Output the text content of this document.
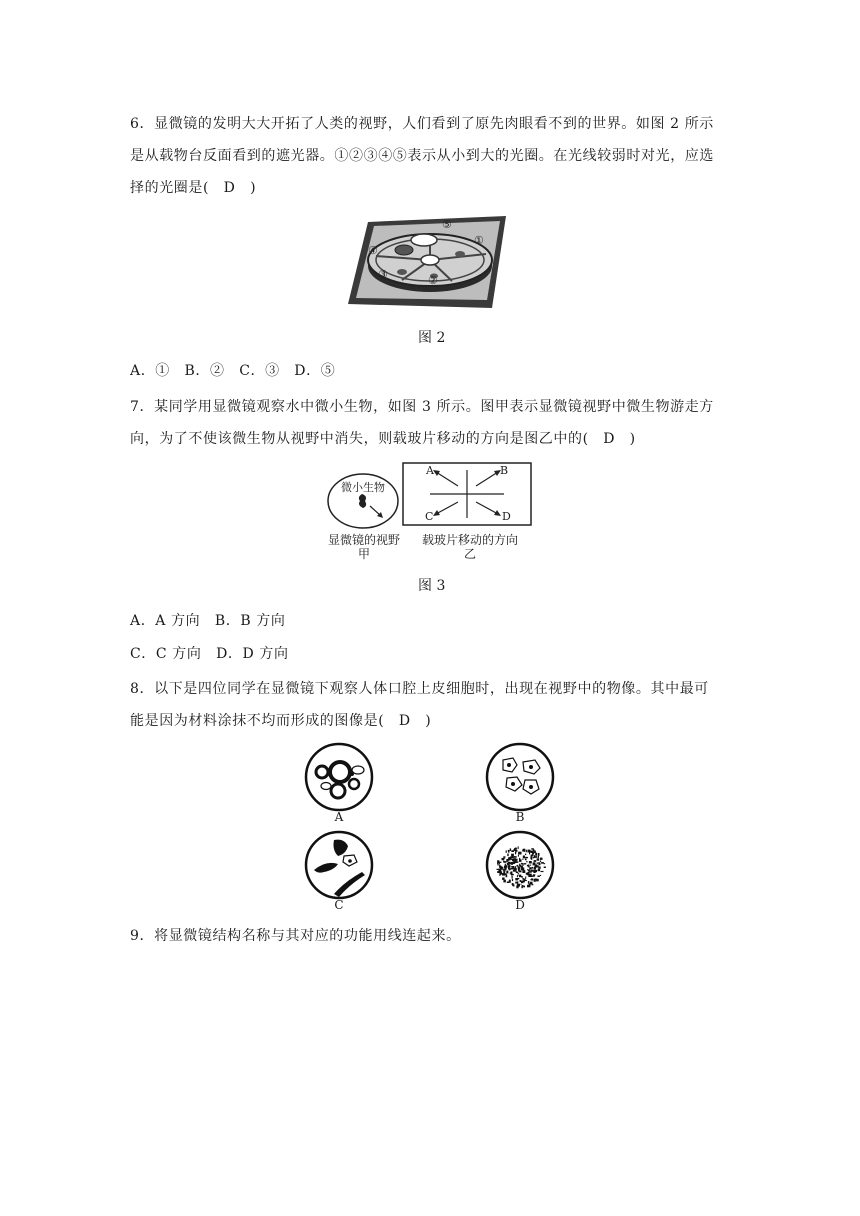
6．显微镜的发明大大开拓了人类的视野，人们看到了原先肉眼看不到的世界。如图 2 所示
是从载物台反面看到的遮光器。①②③④⑤表示从小到大的光圈。在光线较弱时对光，应选
择的光圈是(　D　)
⑤
①
④
③	②
图 2
A．①　B．②　C．③　D．⑤
7．某同学用显微镜观察水中微小生物，如图 3 所示。图甲表示显微镜视野中微生物游走方
向，为了不使该微生物从视野中消失，则载玻片移动的方向是图乙中的(　D　)
微小生物
A	B
C	D
显微镜的视野
甲
载玻片移动的方向
乙
图 3
A．A 方向　B．B 方向
C．C 方向　D．D 方向
8．以下是四位同学在显微镜下观察人体口腔上皮细胞时，出现在视野中的物像。其中最可
能是因为材料涂抹不均而形成的图像是(　D　)
A	B
C	D
9．将显微镜结构名称与其对应的功能用线连起来。
